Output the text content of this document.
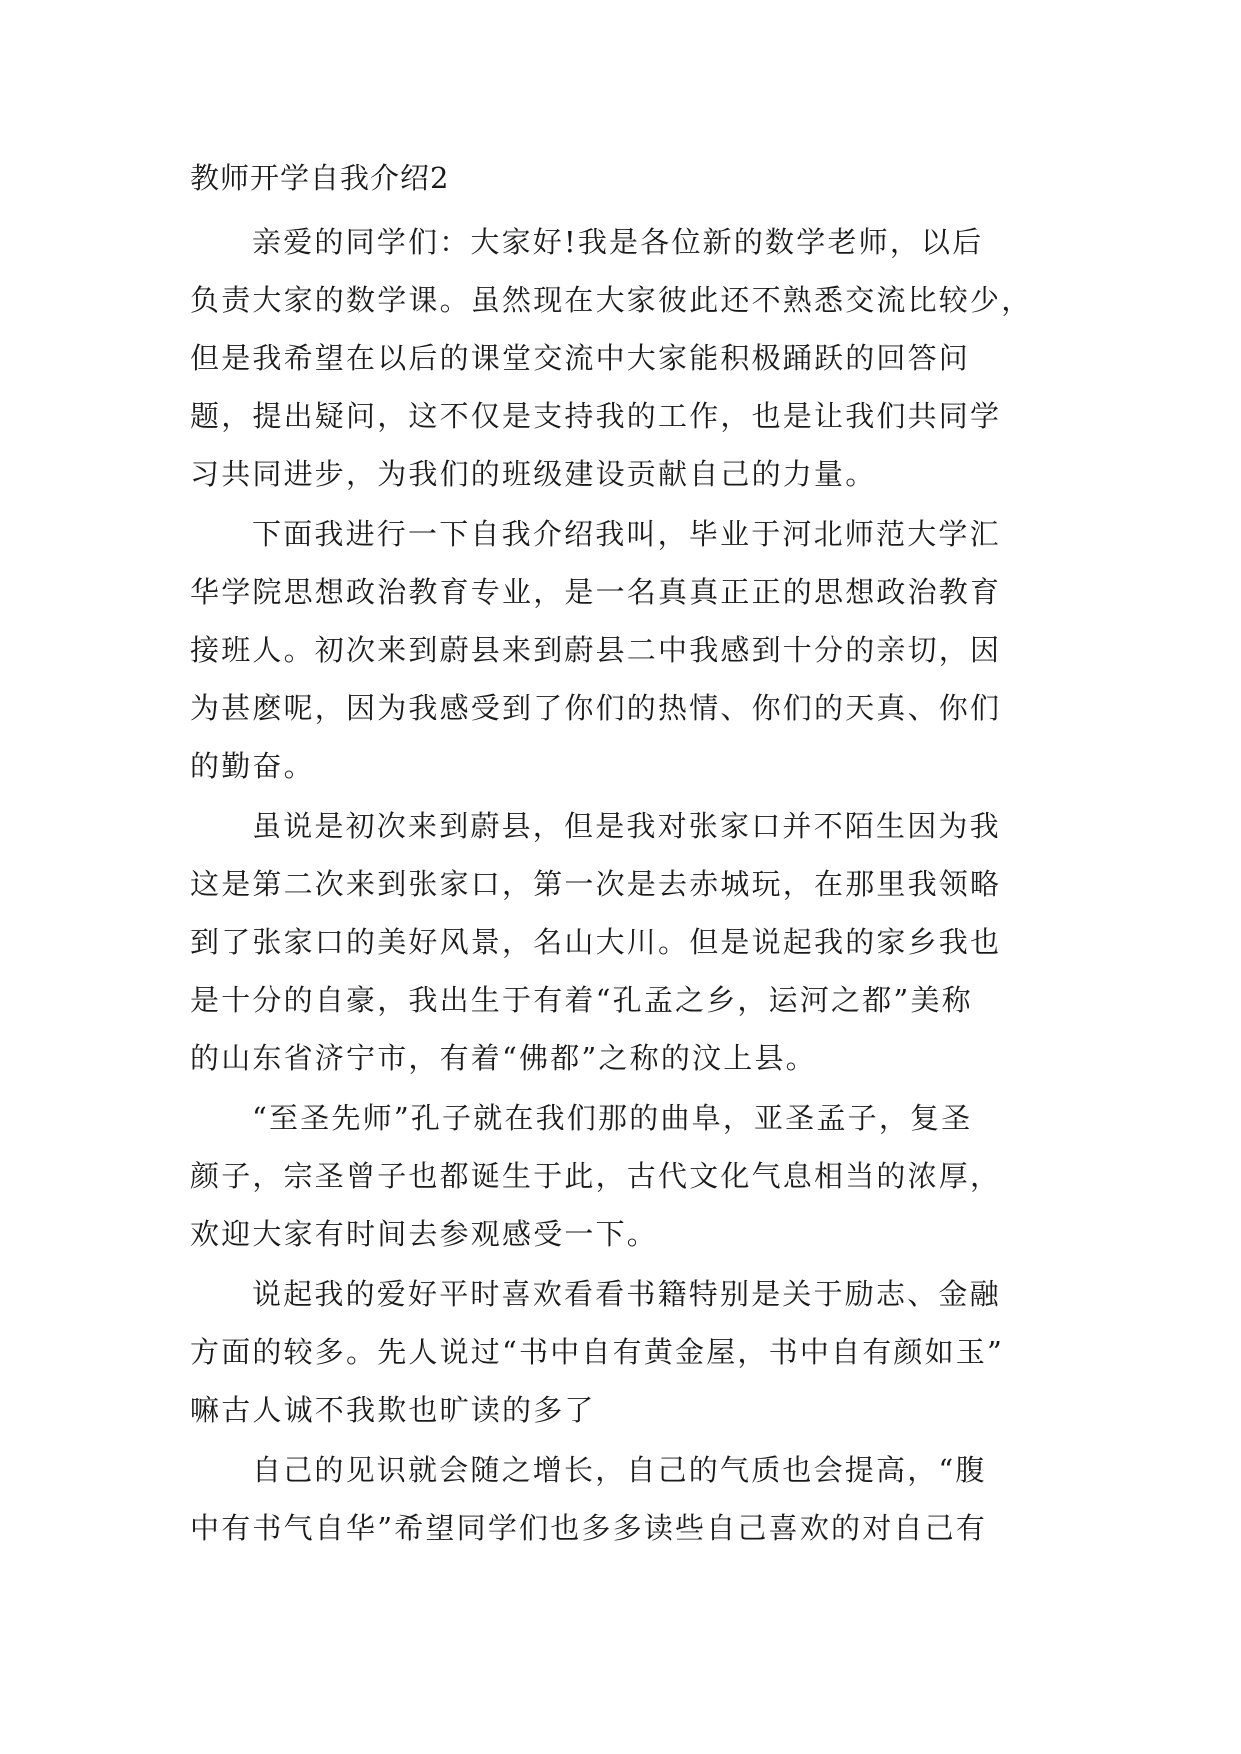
教师开学自我介绍2
亲爱的同学们：大家好!我是各位新的数学老师，以后
负责大家的数学课。虽然现在大家彼此还不熟悉交流比较少，
但是我希望在以后的课堂交流中大家能积极踊跃的回答问
题，提出疑问，这不仅是支持我的工作，也是让我们共同学
习共同进步，为我们的班级建设贡献自己的力量。
下面我进行一下自我介绍我叫，毕业于河北师范大学汇
华学院思想政治教育专业，是一名真真正正的思想政治教育
接班人。初次来到蔚县来到蔚县二中我感到十分的亲切，因
为甚麽呢，因为我感受到了你们的热情、你们的天真、你们
的勤奋。
虽说是初次来到蔚县，但是我对张家口并不陌生因为我
这是第二次来到张家口，第一次是去赤城玩，在那里我领略
到了张家口的美好风景，名山大川。但是说起我的家乡我也
是十分的自豪，我出生于有着“孔孟之乡，运河之都”美称
的山东省济宁市，有着“佛都”之称的汶上县。
“至圣先师”孔子就在我们那的曲阜，亚圣孟子，复圣
颜子，宗圣曾子也都诞生于此，古代文化气息相当的浓厚，
欢迎大家有时间去参观感受一下。
说起我的爱好平时喜欢看看书籍特别是关于励志、金融
方面的较多。先人说过“书中自有黄金屋，书中自有颜如玉”
嘛古人诚不我欺也旷读的多了
自己的见识就会随之增长，自己的气质也会提高，“腹
中有书气自华”希望同学们也多多读些自己喜欢的对自己有
